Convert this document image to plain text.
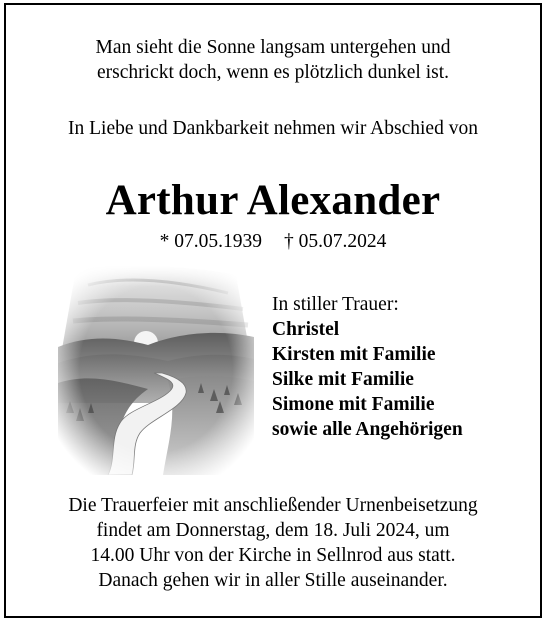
Man sieht die Sonne langsam untergehen und
erschrickt doch, wenn es plötzlich dunkel ist.
In Liebe und Dankbarkeit nehmen wir Abschied von
Arthur Alexander
* 07.05.1939 † 05.07.2024
In stiller Trauer:
Christel
Kirsten mit Familie
Silke mit Familie
Simone mit Familie
sowie alle Angehörigen
Die Trauerfeier mit anschließender Urnenbeisetzung
findet am Donnerstag, dem 18. Juli 2024, um
14.00 Uhr von der Kirche in Sellnrod aus statt.
Danach gehen wir in aller Stille auseinander.
